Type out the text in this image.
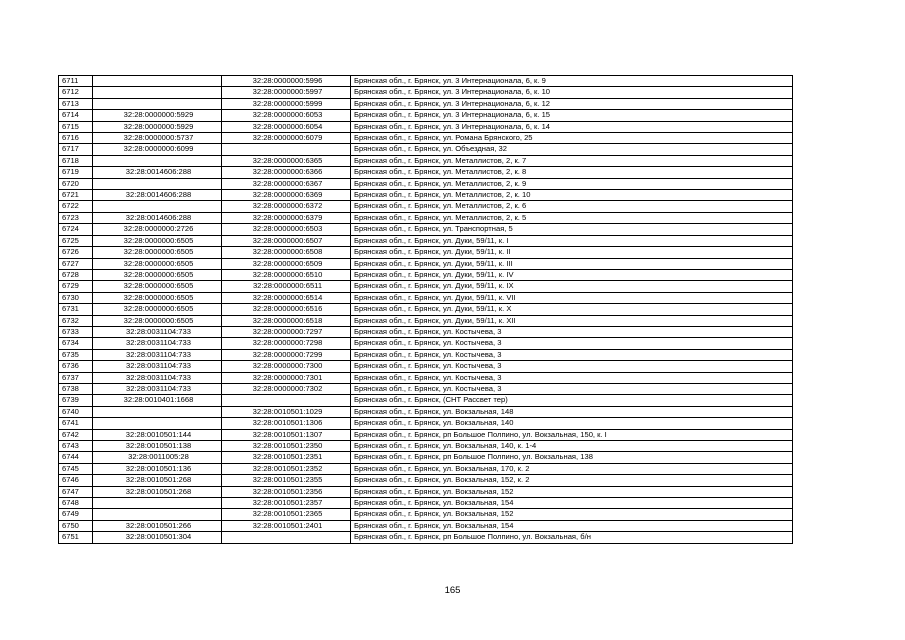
6711		32:28:0000000:5996	Брянская обл., г. Брянск, ул. 3 Интернационала, 6, к. 9
6712		32:28:0000000:5997	Брянская обл., г. Брянск, ул. 3 Интернационала, 6, к. 10
6713		32:28:0000000:5999	Брянская обл., г. Брянск, ул. 3 Интернационала, 6, к. 12
6714	32:28:0000000:5929	32:28:0000000:6053	Брянская обл., г. Брянск, ул. 3 Интернационала, 6, к. 15
6715	32:28:0000000:5929	32:28:0000000:6054	Брянская обл., г. Брянск, ул. 3 Интернационала, 6, к. 14
6716	32:28:0000000:5737	32:28:0000000:6079	Брянская обл., г. Брянск, ул. Романа Брянского, 25
6717	32:28:0000000:6099		Брянская обл., г. Брянск, ул. Объездная, 32
6718		32:28:0000000:6365	Брянская обл., г. Брянск, ул. Металлистов, 2, к. 7
6719	32:28:0014606:288	32:28:0000000:6366	Брянская обл., г. Брянск, ул. Металлистов, 2, к. 8
6720		32:28:0000000:6367	Брянская обл., г. Брянск, ул. Металлистов, 2, к. 9
6721	32:28:0014606:288	32:28:0000000:6369	Брянская обл., г. Брянск, ул. Металлистов, 2, к. 10
6722		32:28:0000000:6372	Брянская обл., г. Брянск, ул. Металлистов, 2, к. 6
6723	32:28:0014606:288	32:28:0000000:6379	Брянская обл., г. Брянск, ул. Металлистов, 2, к. 5
6724	32:28:0000000:2726	32:28:0000000:6503	Брянская обл., г. Брянск, ул. Транспортная, 5
6725	32:28:0000000:6505	32:28:0000000:6507	Брянская обл., г. Брянск, ул. Дуки, 59/11, к. I
6726	32:28:0000000:6505	32:28:0000000:6508	Брянская обл., г. Брянск, ул. Дуки, 59/11, к. II
6727	32:28:0000000:6505	32:28:0000000:6509	Брянская обл., г. Брянск, ул. Дуки, 59/11, к. III
6728	32:28:0000000:6505	32:28:0000000:6510	Брянская обл., г. Брянск, ул. Дуки, 59/11, к. IV
6729	32:28:0000000:6505	32:28:0000000:6511	Брянская обл., г. Брянск, ул. Дуки, 59/11, к. IX
6730	32:28:0000000:6505	32:28:0000000:6514	Брянская обл., г. Брянск, ул. Дуки, 59/11, к. VII
6731	32:28:0000000:6505	32:28:0000000:6516	Брянская обл., г. Брянск, ул. Дуки, 59/11, к. X
6732	32:28:0000000:6505	32:28:0000000:6518	Брянская обл., г. Брянск, ул. Дуки, 59/11, к. XII
6733	32:28:0031104:733	32:28:0000000:7297	Брянская обл., г. Брянск, ул. Костычева, 3
6734	32:28:0031104:733	32:28:0000000:7298	Брянская обл., г. Брянск, ул. Костычева, 3
6735	32:28:0031104:733	32:28:0000000:7299	Брянская обл., г. Брянск, ул. Костычева, 3
6736	32:28:0031104:733	32:28:0000000:7300	Брянская обл., г. Брянск, ул. Костычева, 3
6737	32:28:0031104:733	32:28:0000000:7301	Брянская обл., г. Брянск, ул. Костычева, 3
6738	32:28:0031104:733	32:28:0000000:7302	Брянская обл., г. Брянск, ул. Костычева, 3
6739	32:28:0010401:1668		Брянская обл., г. Брянск, (СНТ Рассвет тер)
6740		32:28:0010501:1029	Брянская обл., г. Брянск, ул. Вокзальная, 148
6741		32:28:0010501:1306	Брянская обл., г. Брянск, ул. Вокзальная, 140
6742	32:28:0010501:144	32:28:0010501:1307	Брянская обл., г. Брянск, рп Большое Полпино, ул. Вокзальная, 150, к. I
6743	32:28:0010501:138	32:28:0010501:2350	Брянская обл., г. Брянск, ул. Вокзальная, 140, к. 1-4
6744	32:28:0011005:28	32:28:0010501:2351	Брянская обл., г. Брянск, рп Большое Полпино, ул. Вокзальная, 138
6745	32:28:0010501:136	32:28:0010501:2352	Брянская обл., г. Брянск, ул. Вокзальная, 170, к. 2
6746	32:28:0010501:268	32:28:0010501:2355	Брянская обл., г. Брянск, ул. Вокзальная, 152, к. 2
6747	32:28:0010501:268	32:28:0010501:2356	Брянская обл., г. Брянск, ул. Вокзальная, 152
6748		32:28:0010501:2357	Брянская обл., г. Брянск, ул. Вокзальная, 154
6749		32:28:0010501:2365	Брянская обл., г. Брянск, ул. Вокзальная, 152
6750	32:28:0010501:266	32:28:0010501:2401	Брянская обл., г. Брянск, ул. Вокзальная, 154
6751	32:28:0010501:304		Брянская обл., г. Брянск, рп Большое Полпино, ул. Вокзальная, б/н
165
